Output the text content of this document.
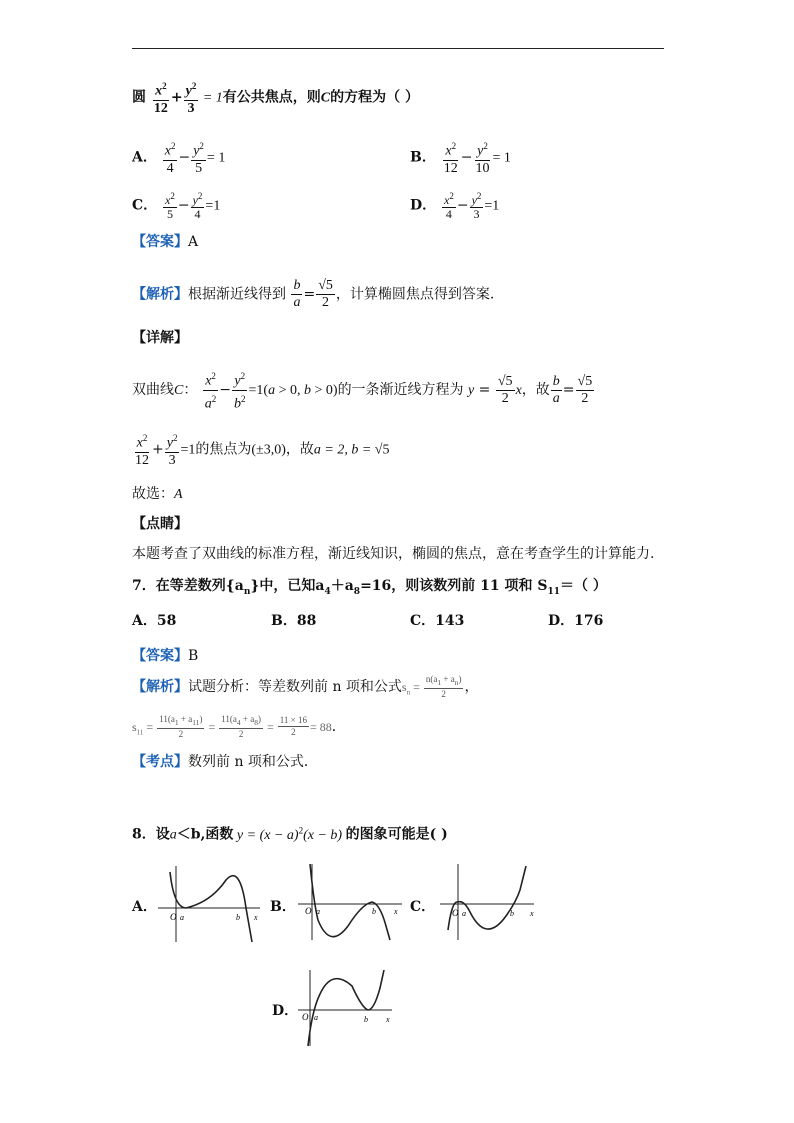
圆 $\frac{x^2}{12} + \frac{y^2}{3} = 1$有公共焦点，则C的方程为（ ）
A． $\frac{x^2}{4} - \frac{y^2}{5} = 1$	B． $\frac{x^2}{12} - \frac{y^2}{10} = 1$
C． $\frac{x^2}{5} - \frac{y^2}{4} =1$	D． $\frac{x^2}{4} - \frac{y^2}{3} =1$
【答案】A
【解析】根据渐近线得到 $\frac{b}{a} = \frac{√5}{2}$ ，计算椭圆焦点得到答案.
【详解】
双曲线C： $\frac{x^2}{a^2} - \frac{y^2}{b^2} =1(a > 0$, b > 0)的一条渐近线方程为 $y = \frac{√5}{2}$ x，故 $\frac{b}{a} = \frac{√5}{2}$
$\frac{x^2}{12} + \frac{y^2}{3} =1$的焦点为(±3,0)，故a = 2, b = √5
故选：A
【点睛】
本题考查了双曲线的标准方程，渐近线知识，椭圆的焦点，意在考查学生的计算能力.
7．在等差数列$\{a_n\}$中，已知$a_4+a_8=16$，则该数列前 11 项和 $S_{11}=$（ ）
A．58	B．88	C．143	D．176
【答案】B
【解析】试题分析：等差数列前 n 项和公式$s_n = \frac{n(a_1 + a_n)}{2}$ ，
$s_{11} = \frac{11(a_1 + a_{11})}{2} = \frac{11(a_4 + a_8)}{2} = \frac{11 \times 16}{2} = 88$．
【考点】数列前 n 项和公式．
8．设a＜b,函数 $y = (x - a)^2(x - b)$ 的图象可能是( )
A．	B．	C．
D．
O a	b x
O a	b x	O a	b x
O a	b x
